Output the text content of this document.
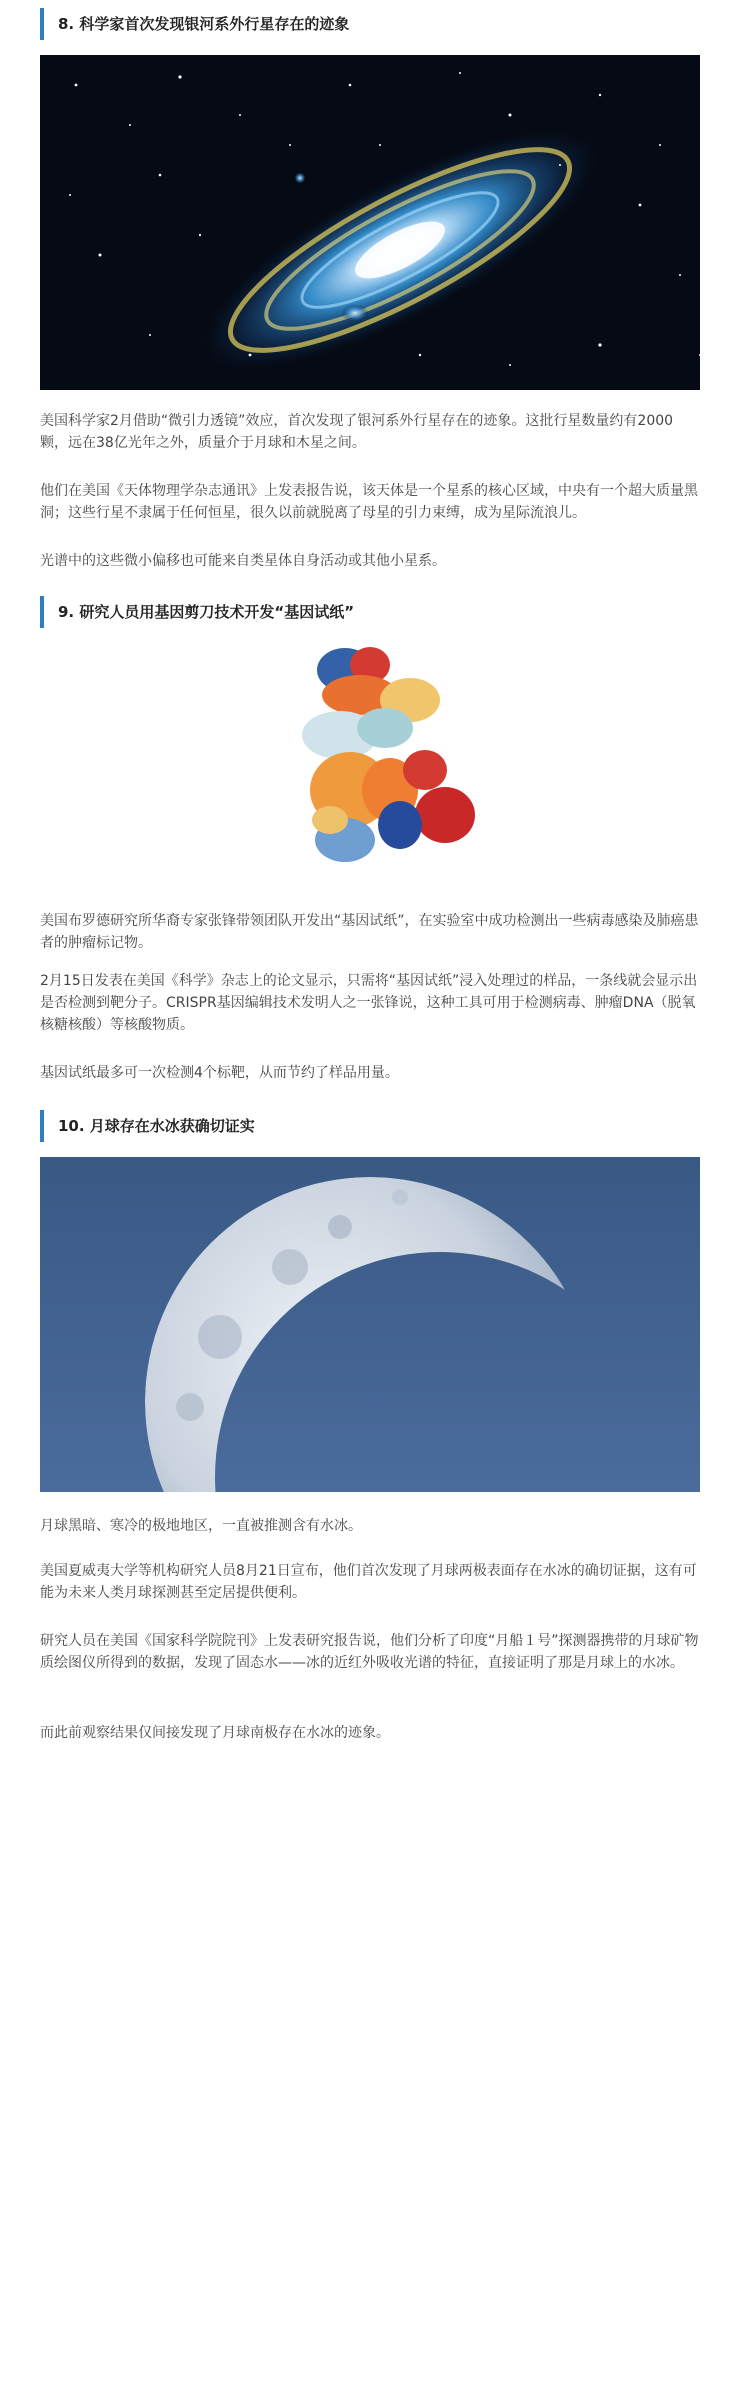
8. 科学家首次发现银河系外行星存在的迹象

美国科学家2月借助“微引力透镜”效应，首次发现了银河系外行星存在的迹象。这批行星数量约有2000颗，远在38亿光年之外，质量介于月球和木星之间。

他们在美国《天体物理学杂志通讯》上发表报告说，该天体是一个星系的核心区域，中央有一个超大质量黑洞；这些行星不隶属于任何恒星，很久以前就脱离了母星的引力束缚，成为星际流浪儿。

光谱中的这些微小偏移也可能来自类星体自身活动或其他小星系。

9. 研究人员用基因剪刀技术开发“基因试纸”

美国布罗德研究所华裔专家张锋带领团队开发出“基因试纸”，在实验室中成功检测出一些病毒感染及肺癌患者的肿瘤标记物。

2月15日发表在美国《科学》杂志上的论文显示，只需将“基因试纸”浸入处理过的样品，一条线就会显示出是否检测到靶分子。CRISPR基因编辑技术发明人之一张锋说，这种工具可用于检测病毒、肿瘤DNA（脱氧核糖核酸）等核酸物质。

基因试纸最多可一次检测4个标靶，从而节约了样品用量。

10. 月球存在水冰获确切证实

月球黑暗、寒冷的极地地区，一直被推测含有水冰。

美国夏威夷大学等机构研究人员8月21日宣布，他们首次发现了月球两极表面存在水冰的确切证据，这有可能为未来人类月球探测甚至定居提供便利。

研究人员在美国《国家科学院院刊》上发表研究报告说，他们分析了印度“月船１号”探测器携带的月球矿物质绘图仪所得到的数据，发现了固态水——冰的近红外吸收光谱的特征，直接证明了那是月球上的水冰。

而此前观察结果仅间接发现了月球南极存在水冰的迹象。
